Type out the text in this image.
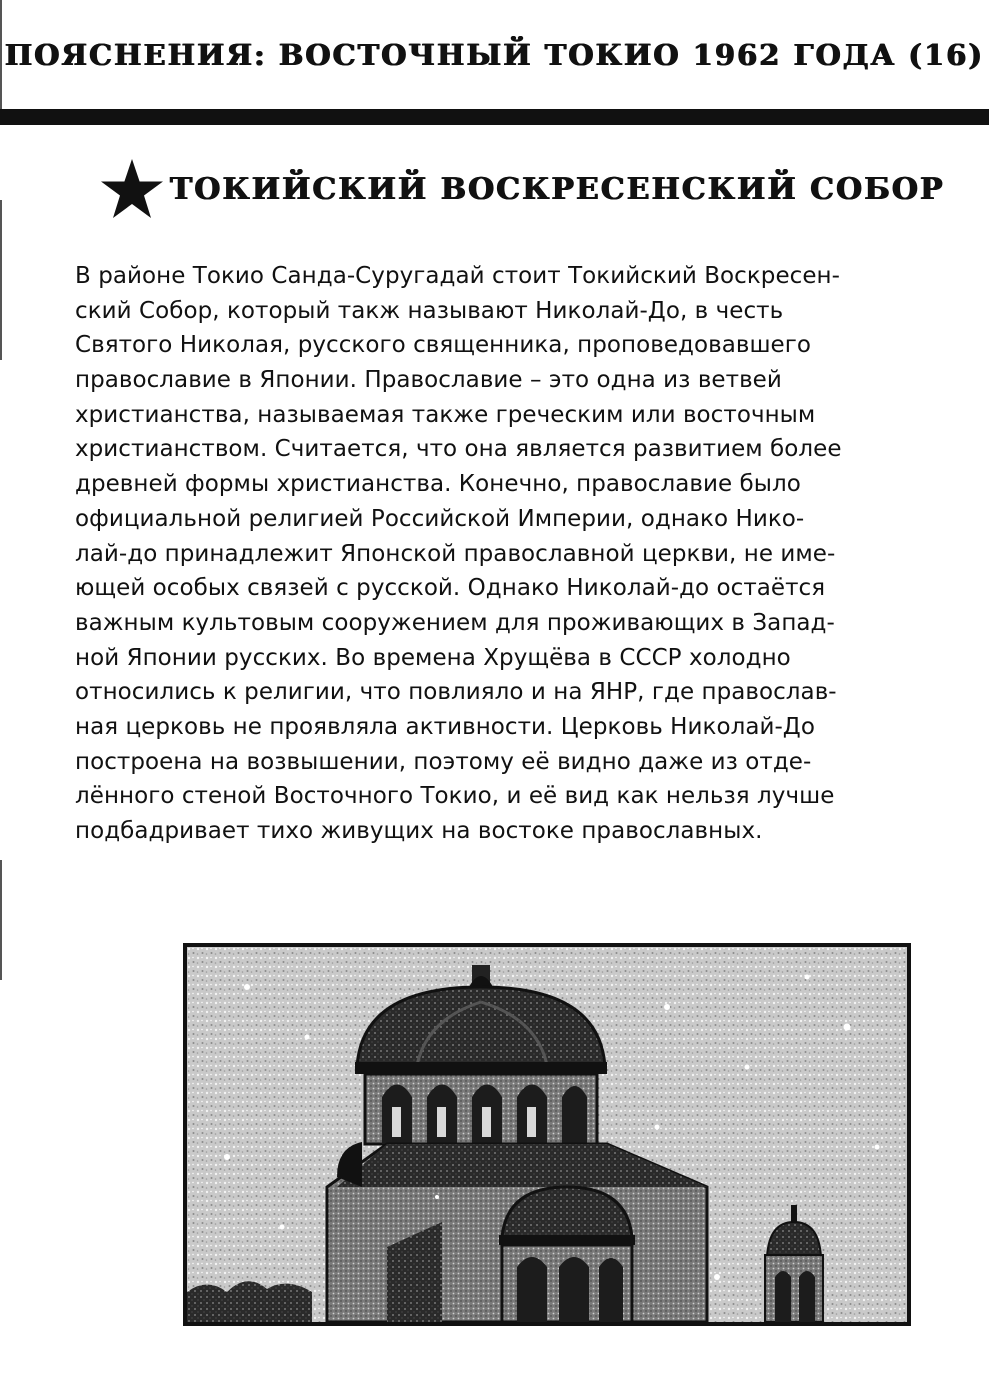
ПОЯСНЕНИЯ: ВОСТОЧНЫЙ ТОКИО 1962 ГОДА (16)
ТОКИЙСКИЙ ВОСКРЕСЕНСКИЙ СОБОР
В районе Токио Санда-Суругадай стоит Токийский Воскресен-
ский Собор, который такж называют Николай-До, в честь
Святого Николая, русского священника, проповедовавшего
православие в Японии. Православие – это одна из ветвей
христианства, называемая также греческим или восточным
христианством. Считается, что она является развитием более
древней формы христианства. Конечно, православие было
официальной религией Российской Империи, однако Нико-
лай-до принадлежит Японской православной церкви, не име-
ющей особых связей с русской. Однако Николай-до остаётся
важным культовым сооружением для проживающих в Запад-
ной Японии русских. Во времена Хрущёва в СССР холодно
относились к религии, что повлияло и на ЯНР, где православ-
ная церковь не проявляла активности. Церковь Николай-До
построена на возвышении, поэтому её видно даже из отде-
лённого стеной Восточного Токио, и её вид как нельзя лучше
подбадривает тихо живущих на востоке православных.
